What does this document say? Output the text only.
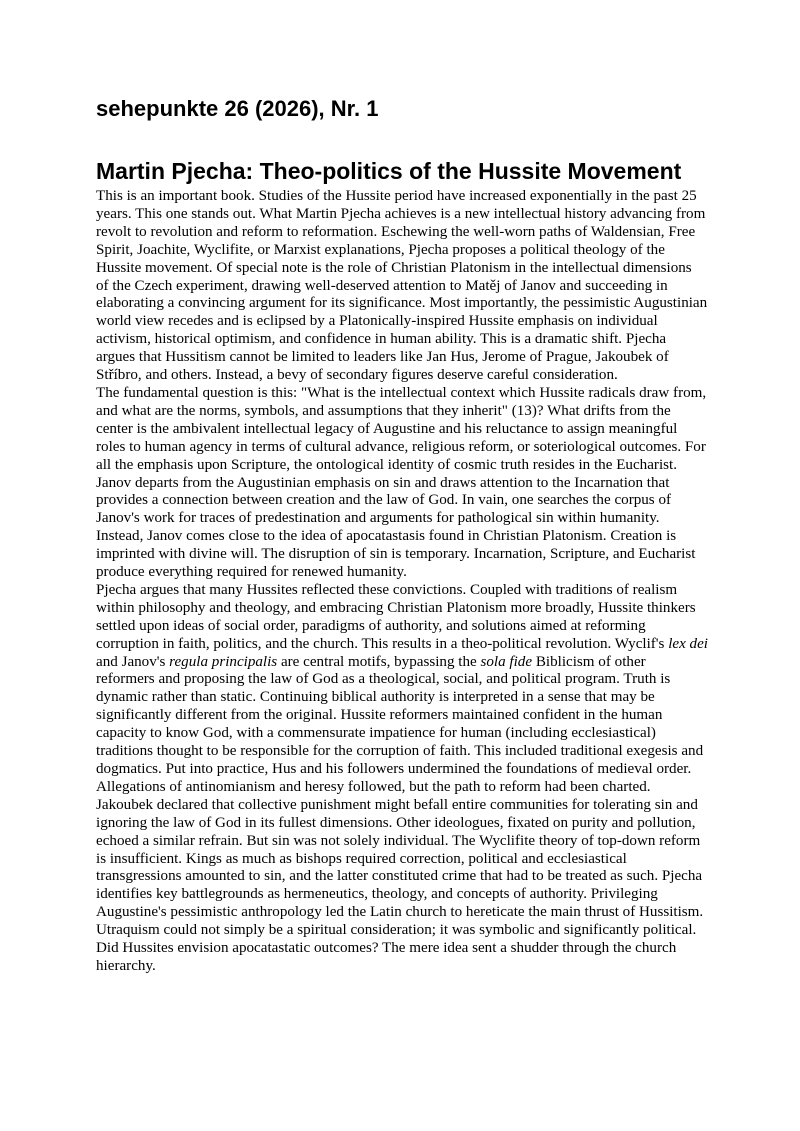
sehepunkte 26 (2026), Nr. 1
Martin Pjecha: Theo-politics of the Hussite Movement

This is an important book. Studies of the Hussite period have increased exponentially in the past 25 years. This one stands out. What Martin Pjecha achieves is a new intellectual history advancing from revolt to revolution and reform to reformation. Eschewing the well-worn paths of Waldensian, Free Spirit, Joachite, Wyclifite, or Marxist explanations, Pjecha proposes a political theology of the Hussite movement. Of special note is the role of Christian Platonism in the intellectual dimensions of the Czech experiment, drawing well-deserved attention to Matěj of Janov and succeeding in elaborating a convincing argument for its significance. Most importantly, the pessimistic Augustinian world view recedes and is eclipsed by a Platonically-inspired Hussite emphasis on individual activism, historical optimism, and confidence in human ability. This is a dramatic shift. Pjecha argues that Hussitism cannot be limited to leaders like Jan Hus, Jerome of Prague, Jakoubek of Stříbro, and others. Instead, a bevy of secondary figures deserve careful consideration.

The fundamental question is this: "What is the intellectual context which Hussite radicals draw from, and what are the norms, symbols, and assumptions that they inherit" (13)? What drifts from the center is the ambivalent intellectual legacy of Augustine and his reluctance to assign meaningful roles to human agency in terms of cultural advance, religious reform, or soteriological outcomes. For all the emphasis upon Scripture, the ontological identity of cosmic truth resides in the Eucharist. Janov departs from the Augustinian emphasis on sin and draws attention to the Incarnation that provides a connection between creation and the law of God. In vain, one searches the corpus of Janov's work for traces of predestination and arguments for pathological sin within humanity. Instead, Janov comes close to the idea of apocatastasis found in Christian Platonism. Creation is imprinted with divine will. The disruption of sin is temporary. Incarnation, Scripture, and Eucharist produce everything required for renewed humanity.

Pjecha argues that many Hussites reflected these convictions. Coupled with traditions of realism within philosophy and theology, and embracing Christian Platonism more broadly, Hussite thinkers settled upon ideas of social order, paradigms of authority, and solutions aimed at reforming corruption in faith, politics, and the church. This results in a theo-political revolution. Wyclif's lex dei and Janov's regula principalis are central motifs, bypassing the sola fide Biblicism of other reformers and proposing the law of God as a theological, social, and political program. Truth is dynamic rather than static. Continuing biblical authority is interpreted in a sense that may be significantly different from the original. Hussite reformers maintained confident in the human capacity to know God, with a commensurate impatience for human (including ecclesiastical) traditions thought to be responsible for the corruption of faith. This included traditional exegesis and dogmatics. Put into practice, Hus and his followers undermined the foundations of medieval order. Allegations of antinomianism and heresy followed, but the path to reform had been charted.

Jakoubek declared that collective punishment might befall entire communities for tolerating sin and ignoring the law of God in its fullest dimensions. Other ideologues, fixated on purity and pollution, echoed a similar refrain. But sin was not solely individual. The Wyclifite theory of top-down reform is insufficient. Kings as much as bishops required correction, political and ecclesiastical transgressions amounted to sin, and the latter constituted crime that had to be treated as such. Pjecha identifies key battlegrounds as hermeneutics, theology, and concepts of authority. Privileging Augustine's pessimistic anthropology led the Latin church to hereticate the main thrust of Hussitism. Utraquism could not simply be a spiritual consideration; it was symbolic and significantly political. Did Hussites envision apocatastatic outcomes? The mere idea sent a shudder through the church hierarchy.
